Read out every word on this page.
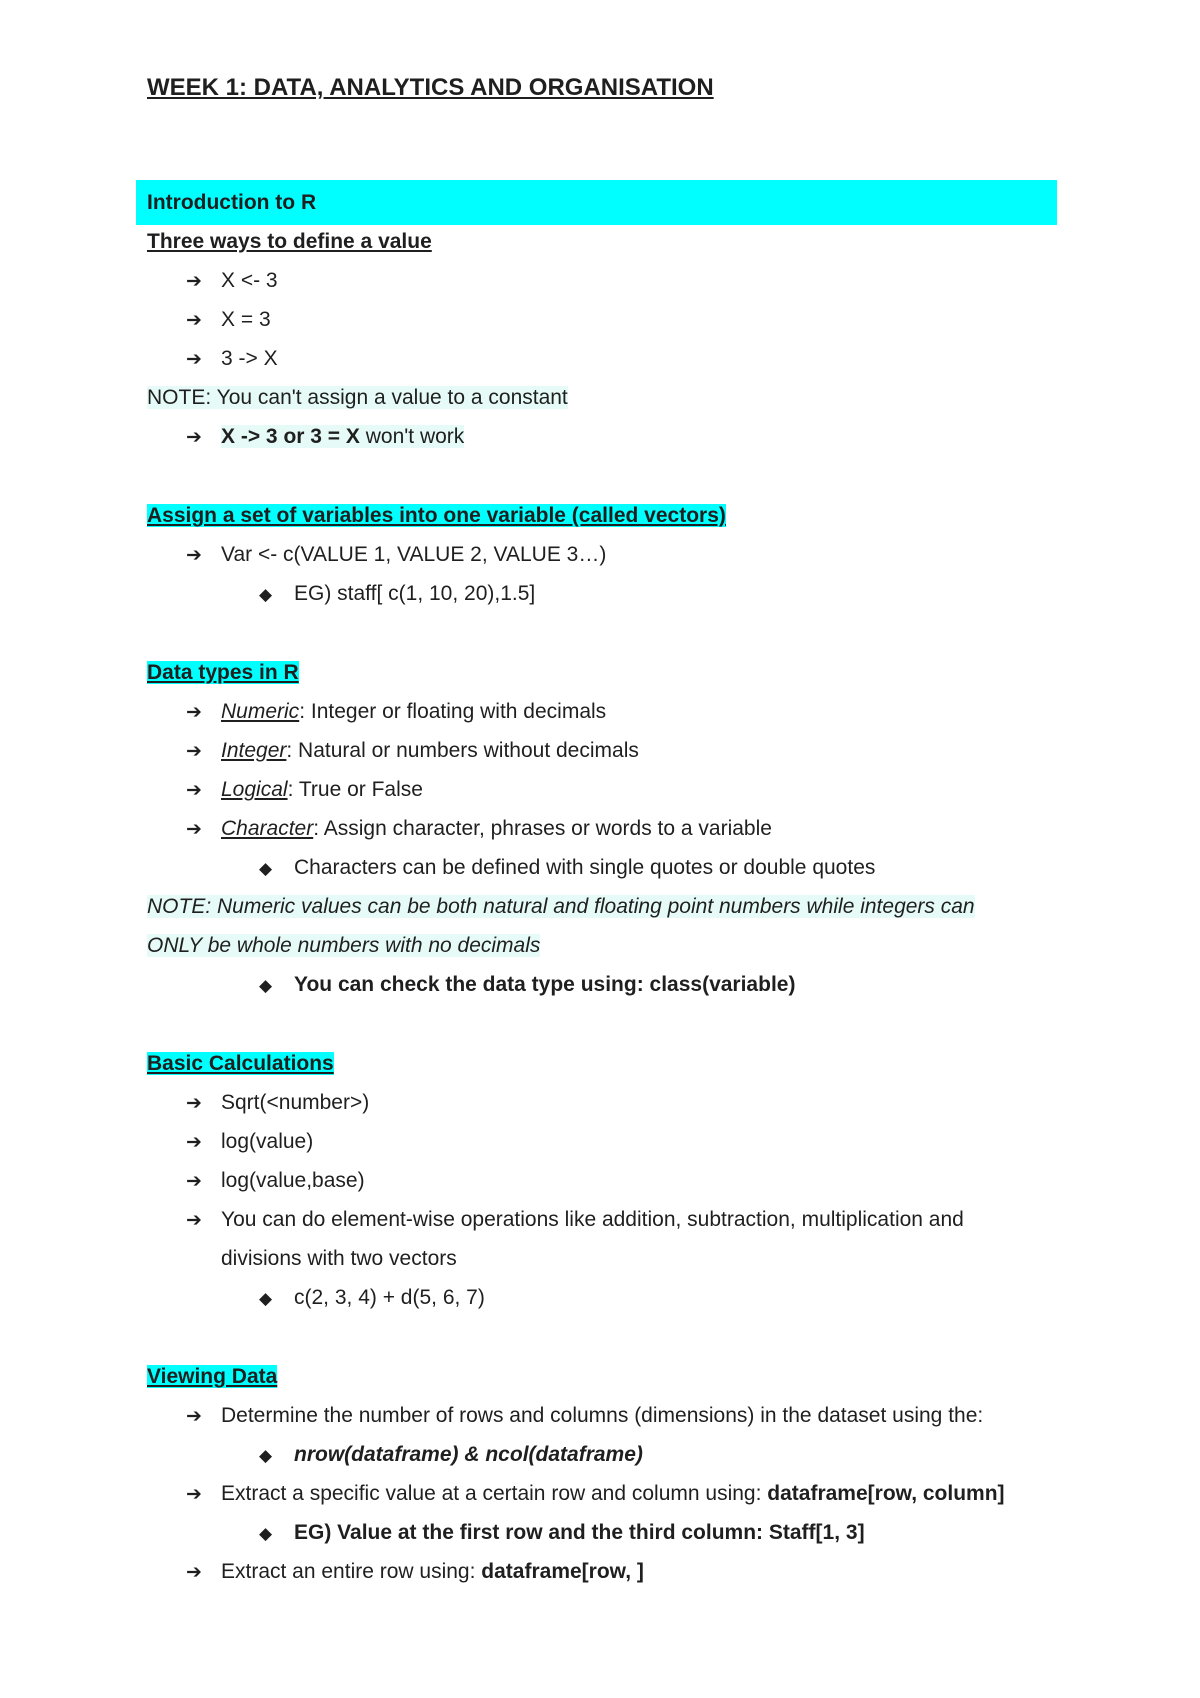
WEEK 1: DATA, ANALYTICS AND ORGANISATION
Introduction to R
Three ways to define a value
➔ X <- 3
➔ X = 3
➔ 3 -> X
NOTE: You can't assign a value to a constant
➔ X -> 3 or 3 = X won't work
Assign a set of variables into one variable (called vectors)
➔ Var <- c(VALUE 1, VALUE 2, VALUE 3…)
◆ EG) staff[ c(1, 10, 20),1.5]
Data types in R
➔ Numeric: Integer or floating with decimals
➔ Integer: Natural or numbers without decimals
➔ Logical: True or False
➔ Character: Assign character, phrases or words to a variable
◆ Characters can be defined with single quotes or double quotes
NOTE: Numeric values can be both natural and floating point numbers while integers can
ONLY be whole numbers with no decimals
◆ You can check the data type using: class(variable)
Basic Calculations
➔ Sqrt(<number>)
➔ log(value)
➔ log(value,base)
➔ You can do element-wise operations like addition, subtraction, multiplication and
divisions with two vectors
◆ c(2, 3, 4) + d(5, 6, 7)
Viewing Data
➔ Determine the number of rows and columns (dimensions) in the dataset using the:
◆ nrow(dataframe) & ncol(dataframe)
➔ Extract a specific value at a certain row and column using: dataframe[row, column]
◆ EG) Value at the first row and the third column: Staff[1, 3]
➔ Extract an entire row using: dataframe[row, ]
